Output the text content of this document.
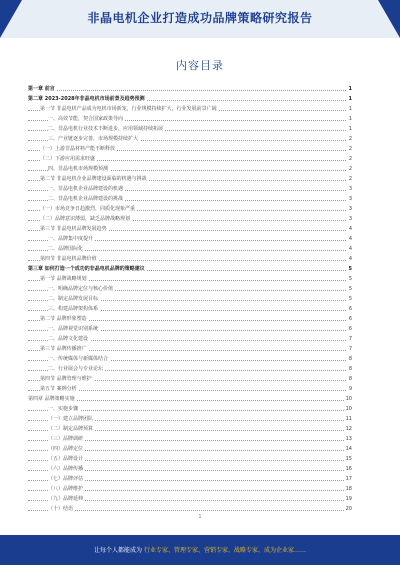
非晶电机企业打造成功品牌策略研究报告
内容目录
第一章 前言	1
第二章 2023-2028年非晶电机市场前景及趋势预测	1
第一节 非晶电机产品成为电机市场新宠，行业规模持续扩大，行业发展前景广阔	1
一、高效节能，契合国家政策导向	1
二、非晶电机行业技术不断进步，应用领域持续拓展	1
三、产业链逐步完善，市场规模持续扩大	2
（一）上游非晶材料产能不断释放	2
（二）下游应用需求旺盛	2
四、非晶电机市场规模预测	2
第二节 非晶电机企业品牌建设面临的机遇与挑战	2
一、非晶电机企业品牌建设的机遇	3
二、非晶电机企业品牌建设的挑战	3
（一）市场竞争日趋激烈，同质化现象严重	3
（二）品牌意识薄弱，缺乏品牌战略规划	3
第三节 非晶电机品牌发展趋势	4
一、品牌集中度提升	4
二、品牌国际化	4
第四节 非晶电机品牌价值	4
第三章 如何打造一个成功的非晶电机品牌的策略建议	5
第一节 品牌战略规划	5
一、明确品牌定位与核心价值	5
二、制定品牌发展目标	5
三、构建品牌架构体系	6
第二节 品牌形象塑造	6
一、品牌视觉识别系统	6
二、品牌文化建设	7
第三节 品牌传播推广	7
一、传统媒体与新媒体结合	8
二、行业展会与专业论坛	8
第四节 品牌管理与维护	8
第五节 案例分析	9
第四章 品牌策略实施	10
一、实施步骤	10
（一）建立品牌团队	11
（二）制定品牌预算	12
（三）品牌调研	13
（四）品牌定位	14
（五）品牌设计	15
（六）品牌传播	16
（七）品牌评估	17
（八）品牌维护	18
（九）品牌延伸	19
（十）结语	20
1
让每个人都能成为 行业专家、管理专家、营销专家、战略专家、成为企业家……
